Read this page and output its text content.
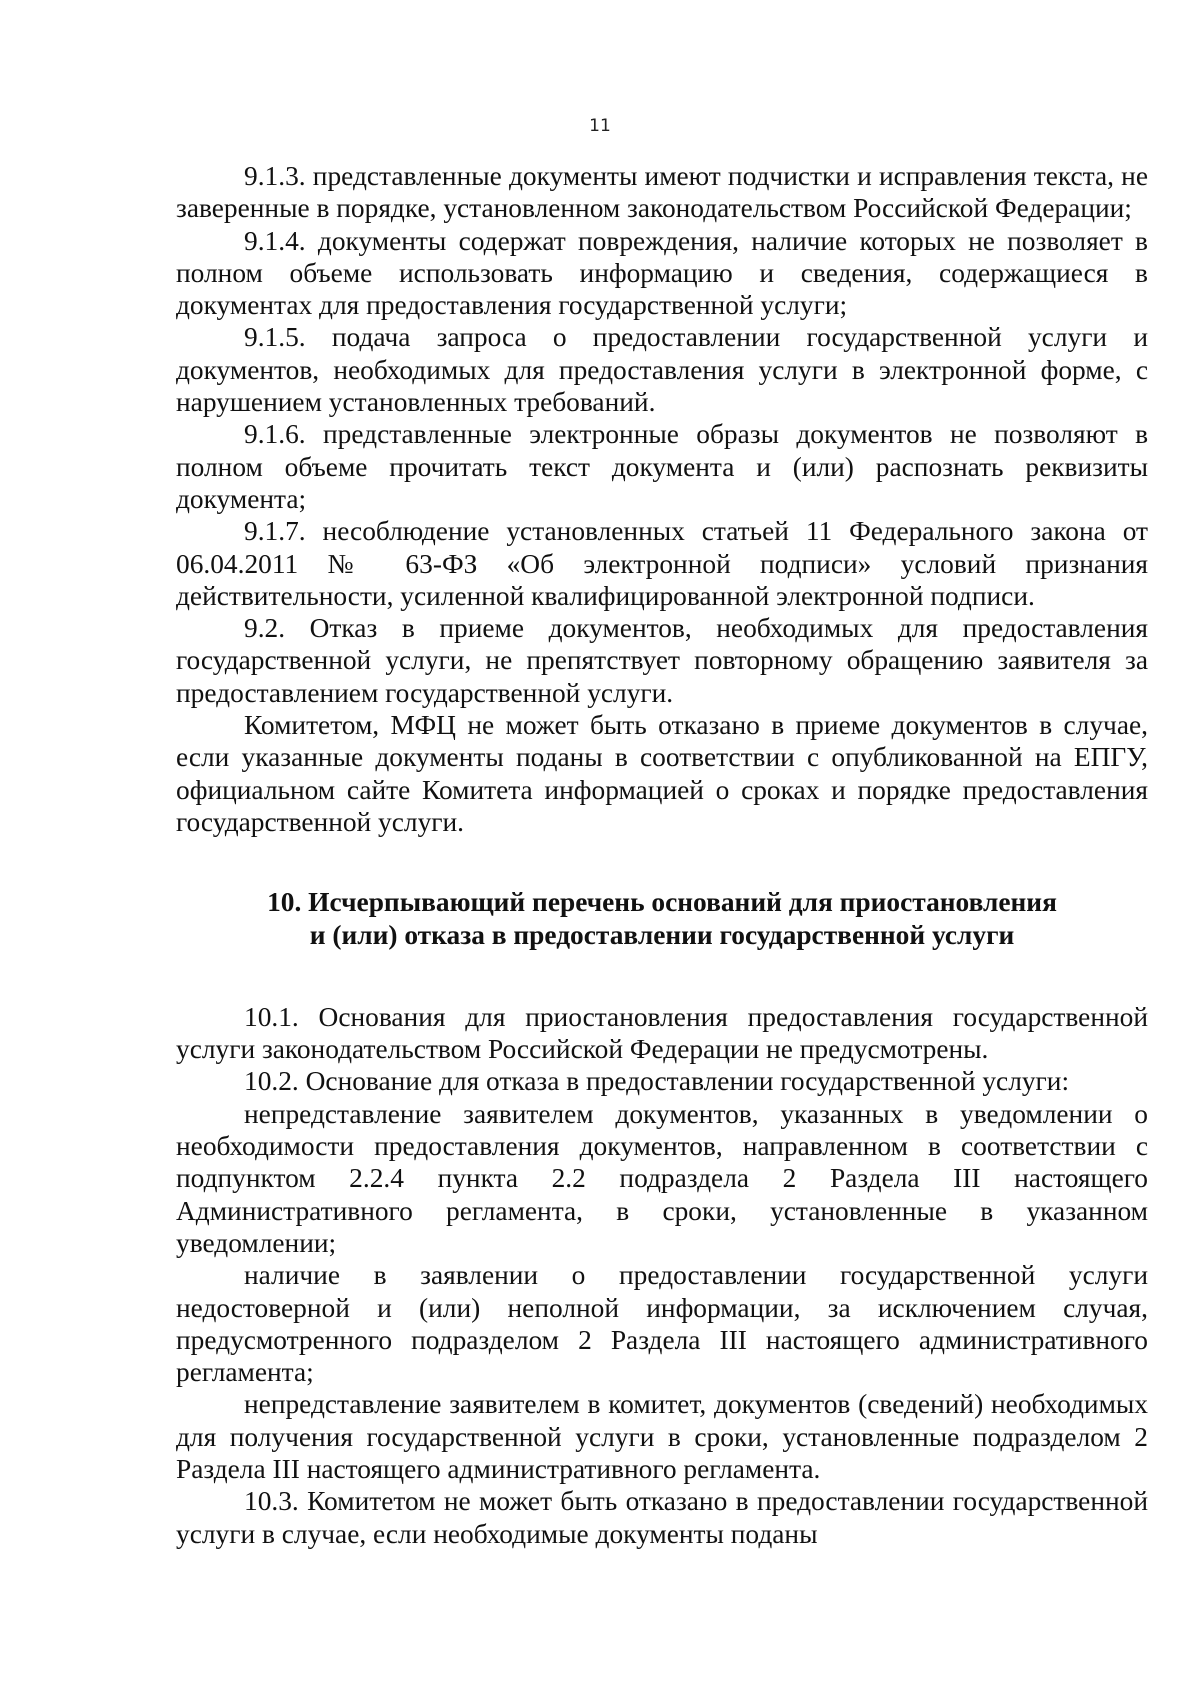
11

9.1.3. представленные документы имеют подчистки и исправления текста, не заверенные в порядке, установленном законодательством Российской Федерации;

9.1.4. документы содержат повреждения, наличие которых не позволяет в полном объеме использовать информацию и сведения, содержащиеся в документах для предоставления государственной услуги;

9.1.5. подача запроса о предоставлении государственной услуги и документов, необходимых для предоставления услуги в электронной форме, с нарушением установленных требований.

9.1.6. представленные электронные образы документов не позволяют в полном объеме прочитать текст документа и (или) распознать реквизиты документа;

9.1.7. несоблюдение установленных статьей 11 Федерального закона от 06.04.2011 № 63-ФЗ «Об электронной подписи» условий признания действительности, усиленной квалифицированной электронной подписи.

9.2. Отказ в приеме документов, необходимых для предоставления государственной услуги, не препятствует повторному обращению заявителя за предоставлением государственной услуги.

Комитетом, МФЦ не может быть отказано в приеме документов в случае, если указанные документы поданы в соответствии с опубликованной на ЕПГУ, официальном сайте Комитета информацией о сроках и порядке предоставления государственной услуги.

10. Исчерпывающий перечень оснований для приостановления
и (или) отказа в предоставлении государственной услуги

10.1. Основания для приостановления предоставления государственной услуги законодательством Российской Федерации не предусмотрены.

10.2. Основание для отказа в предоставлении государственной услуги:

непредставление заявителем документов, указанных в уведомлении о необходимости предоставления документов, направленном в соответствии с подпунктом 2.2.4 пункта 2.2 подраздела 2 Раздела III настоящего Административного регламента, в сроки, установленные в указанном уведомлении;

наличие в заявлении о предоставлении государственной услуги недостоверной и (или) неполной информации, за исключением случая, предусмотренного подразделом 2 Раздела III настоящего административного регламента;

непредставление заявителем в комитет, документов (сведений) необходимых для получения государственной услуги в сроки, установленные подразделом 2 Раздела III настоящего административного регламента.

10.3. Комитетом не может быть отказано в предоставлении государственной услуги в случае, если необходимые документы поданы
